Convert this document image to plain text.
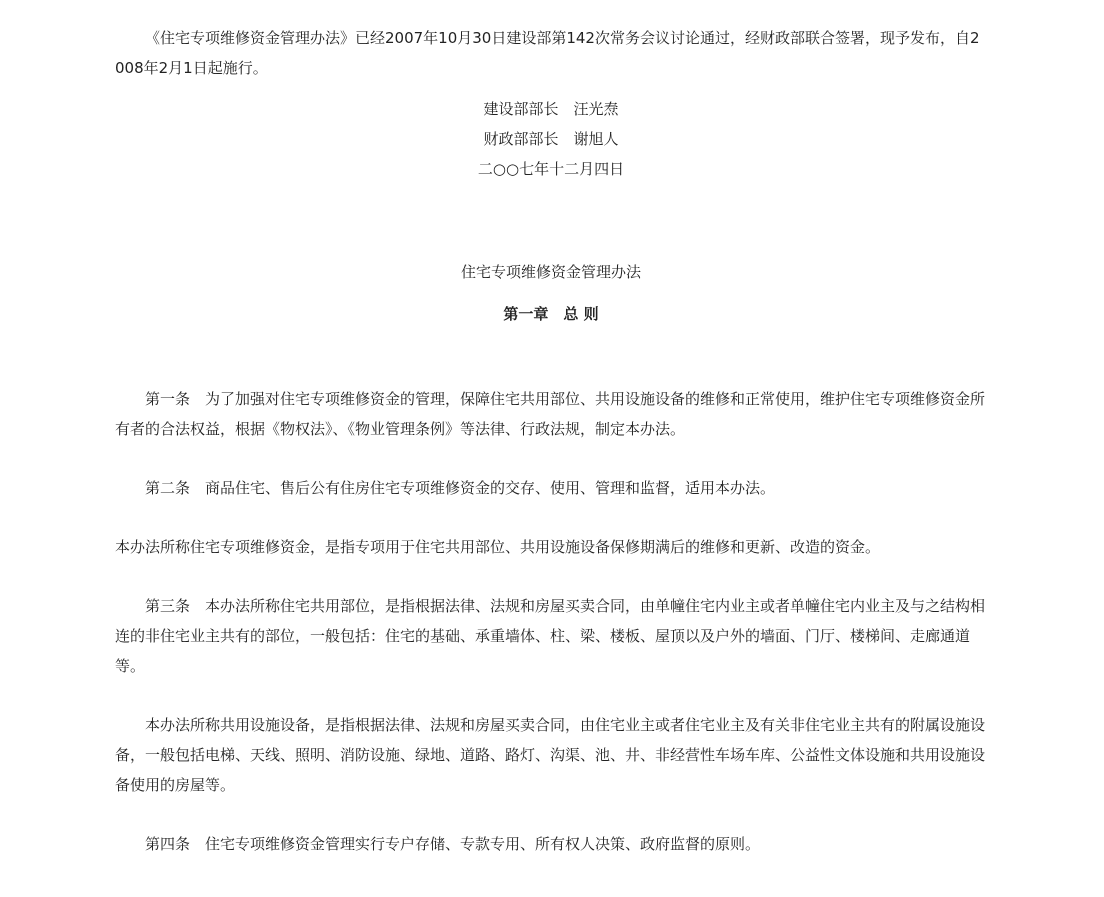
《住宅专项维修资金管理办法》已经2007年10月30日建设部第142次常务会议讨论通过，经财政部联合签署，现予发布，自2008年2月1日起施行。

建设部部长　汪光焘

财政部部长　谢旭人

二○○七年十二月四日

住宅专项维修资金管理办法

第一章　总 则

第一条　为了加强对住宅专项维修资金的管理，保障住宅共用部位、共用设施设备的维修和正常使用，维护住宅专项维修资金所有者的合法权益，根据《物权法》、《物业管理条例》等法律、行政法规，制定本办法。

第二条　商品住宅、售后公有住房住宅专项维修资金的交存、使用、管理和监督，适用本办法。

本办法所称住宅专项维修资金，是指专项用于住宅共用部位、共用设施设备保修期满后的维修和更新、改造的资金。

第三条　本办法所称住宅共用部位，是指根据法律、法规和房屋买卖合同，由单幢住宅内业主或者单幢住宅内业主及与之结构相连的非住宅业主共有的部位，一般包括：住宅的基础、承重墙体、柱、梁、楼板、屋顶以及户外的墙面、门厅、楼梯间、走廊通道等。

本办法所称共用设施设备，是指根据法律、法规和房屋买卖合同，由住宅业主或者住宅业主及有关非住宅业主共有的附属设施设备，一般包括电梯、天线、照明、消防设施、绿地、道路、路灯、沟渠、池、井、非经营性车场车库、公益性文体设施和共用设施设备使用的房屋等。

第四条　住宅专项维修资金管理实行专户存储、专款专用、所有权人决策、政府监督的原则。
